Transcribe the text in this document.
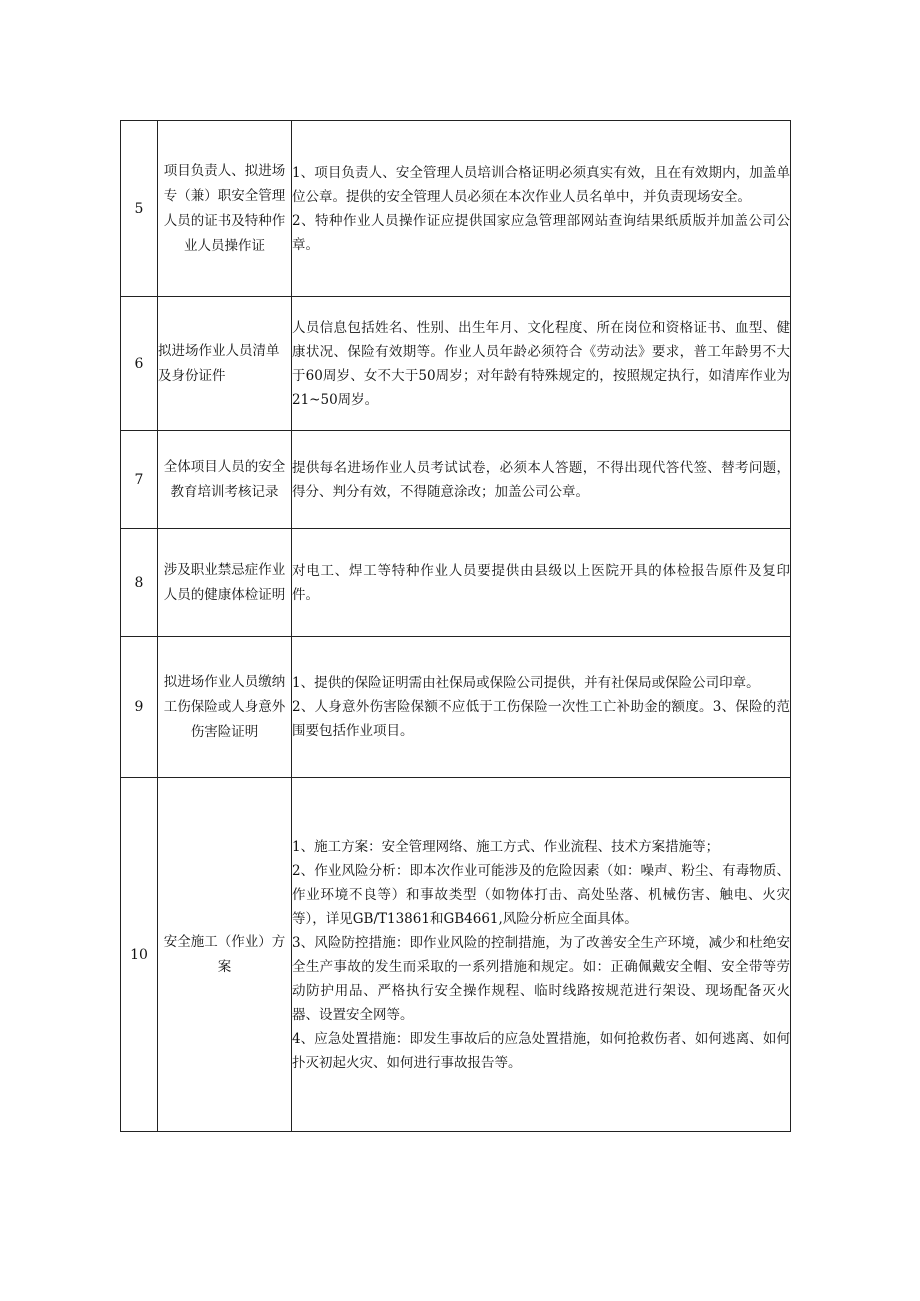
5	项目负责人、拟进场专（兼）职安全管理人员的证书及特种作业人员操作证	1、项目负责人、安全管理人员培训合格证明必须真实有效，且在有效期内，加盖单位公章。提供的安全管理人员必须在本次作业人员名单中，并负责现场安全。

2、特种作业人员操作证应提供国家应急管理部网站查询结果纸质版并加盖公司公章。

6	拟进场作业人员清单及身份证件	人员信息包括姓名、性别、出生年月、文化程度、所在岗位和资格证书、血型、健康状况、保险有效期等。作业人员年龄必须符合《劳动法》要求，普工年龄男不大于60周岁、女不大于50周岁；对年龄有特殊规定的，按照规定执行，如清库作业为21~50周岁。

7	全体项目人员的安全教育培训考核记录	提供每名进场作业人员考试试卷，必须本人答题，不得出现代答代签、替考问题，得分、判分有效，不得随意涂改；加盖公司公章。

8	涉及职业禁忌症作业人员的健康体检证明	对电工、焊工等特种作业人员要提供由县级以上医院开具的体检报告原件及复印件。

9	拟进场作业人员缴纳工伤保险或人身意外伤害险证明	1、提供的保险证明需由社保局或保险公司提供，并有社保局或保险公司印章。

2、人身意外伤害险保额不应低于工伤保险一次性工亡补助金的额度。3、保险的范围要包括作业项目。

10	安全施工（作业）方案	1、施工方案：安全管理网络、施工方式、作业流程、技术方案措施等；

2、作业风险分析：即本次作业可能涉及的危险因素（如：噪声、粉尘、有毒物质、作业环境不良等）和事故类型（如物体打击、高处坠落、机械伤害、触电、火灾等），详见GB/T13861和GB4661,风险分析应全面具体。

3、风险防控措施：即作业风险的控制措施，为了改善安全生产环境，减少和杜绝安全生产事故的发生而采取的一系列措施和规定。如：正确佩戴安全帽、安全带等劳动防护用品、严格执行安全操作规程、临时线路按规范进行架设、现场配备灭火器、设置安全网等。

4、应急处置措施：即发生事故后的应急处置措施，如何抢救伤者、如何逃离、如何扑灭初起火灾、如何进行事故报告等。
